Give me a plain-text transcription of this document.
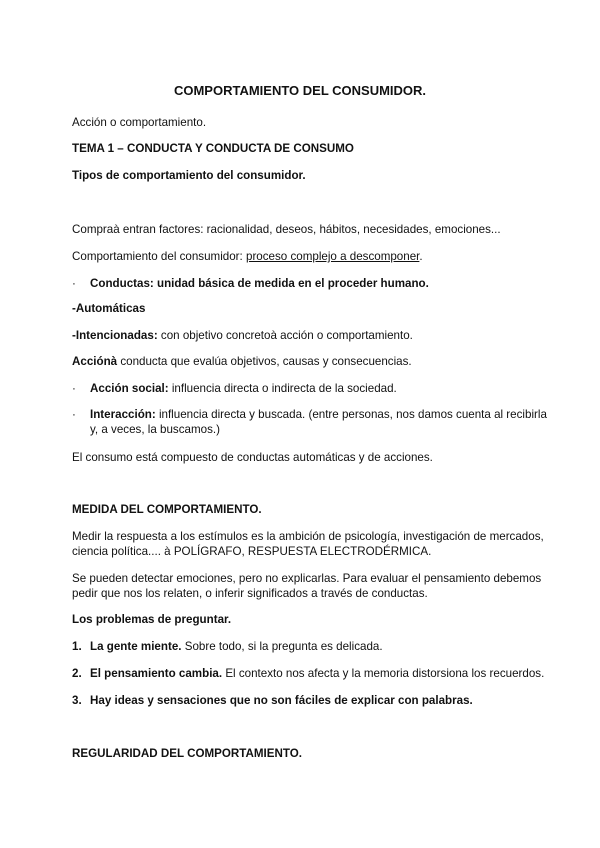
COMPORTAMIENTO DEL CONSUMIDOR.
Acción o comportamiento.
TEMA 1 – CONDUCTA Y CONDUCTA DE CONSUMO
Tipos de comportamiento del consumidor.
Compraà entran factores: racionalidad, deseos, hábitos, necesidades, emociones...
Comportamiento del consumidor: proceso complejo a descomponer.
· Conductas: unidad básica de medida en el proceder humano.
-Automáticas
-Intencionadas: con objetivo concretoà acción o comportamiento.
Acciónà conducta que evalúa objetivos, causas y consecuencias.
· Acción social: influencia directa o indirecta de la sociedad.
· Interacción: influencia directa y buscada. (entre personas, nos damos cuenta al recibirla
y, a veces, la buscamos.)
El consumo está compuesto de conductas automáticas y de acciones.
MEDIDA DEL COMPORTAMIENTO.
Medir la respuesta a los estímulos es la ambición de psicología, investigación de mercados,
ciencia política.... à POLÍGRAFO, RESPUESTA ELECTRODÉRMICA.
Se pueden detectar emociones, pero no explicarlas. Para evaluar el pensamiento debemos
pedir que nos los relaten, o inferir significados a través de conductas.
Los problemas de preguntar.
1. La gente miente. Sobre todo, si la pregunta es delicada.
2. El pensamiento cambia. El contexto nos afecta y la memoria distorsiona los recuerdos.
3. Hay ideas y sensaciones que no son fáciles de explicar con palabras.
REGULARIDAD DEL COMPORTAMIENTO.
